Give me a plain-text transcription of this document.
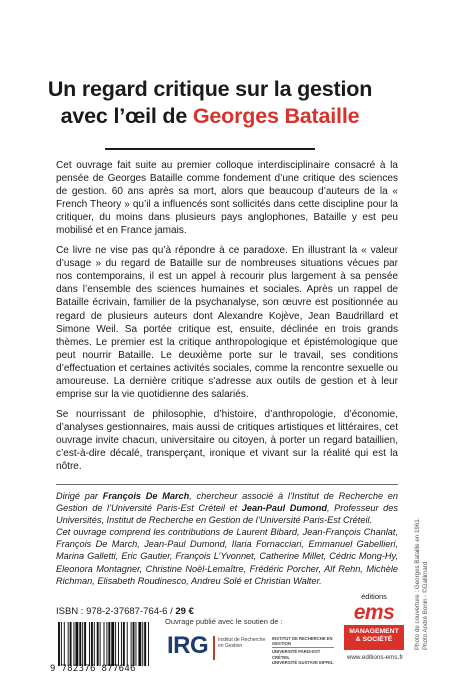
Un regard critique sur la gestion
avec l’œil de Georges Bataille

Cet ouvrage fait suite au premier colloque interdisciplinaire consacré à la pensée de Georges Bataille comme fondement d’une critique des sciences de gestion. 60 ans après sa mort, alors que beaucoup d’auteurs de la « French Theory » qu’il a influencés sont sollicités dans cette discipline pour la critiquer, du moins dans plusieurs pays anglophones, Bataille y est peu mobilisé et en France jamais.

Ce livre ne vise pas qu’à répondre à ce paradoxe. En illustrant la « valeur d’usage » du regard de Bataille sur de nombreuses situations vécues par nos contemporains, il est un appel à recourir plus largement à sa pensée dans l’ensemble des sciences humaines et sociales. Après un rappel de Bataille écrivain, familier de la psychanalyse, son œuvre est positionnée au regard de plusieurs auteurs dont Alexandre Kojève, Jean Baudrillard et Simone Weil. Sa portée critique est, ensuite, déclinée en trois grands thèmes. Le premier est la critique anthropologique et épistémologique que peut nourrir Bataille. Le deuxième porte sur le travail, ses conditions d’effectuation et certaines activités sociales, comme la rencontre sexuelle ou amoureuse. La dernière critique s’adresse aux outils de gestion et à leur emprise sur la vie quotidienne des salariés.

Se nourrissant de philosophie, d’histoire, d’anthropologie, d’économie, d’analyses gestionnaires, mais aussi de critiques artistiques et littéraires, cet ouvrage invite chacun, universitaire ou citoyen, à porter un regard bataillien, c’est-à-dire décalé, transperçant, ironique et vivant sur la réalité qui est la nôtre.

Dirigé par François De March, chercheur associé à l’Institut de Recherche en Gestion de l’Université Paris-Est Créteil et Jean-Paul Dumond, Professeur des Universités, Institut de Recherche en Gestion de l’Université Paris-Est Créteil.

Cet ouvrage comprend les contributions de Laurent Bibard, Jean-François Chanlat, François De March, Jean-Paul Dumond, Ilaria Fornacciari, Emmanuel Gabellieri, Marina Galletti, Eric Gautier, François L’Yvonnet, Catherine Millet, Cédric Mong-Hy, Eleonora Montagner, Christine Noël-Lemaître, Frédéric Porcher, Alf Rehn, Michèle Richman, Elisabeth Roudinesco, Andreu Solé et Christian Walter.

ISBN : 978-2-37687-764-6 / 29 €
9 782376 877646
Ouvrage publié avec le soutien de :
IRG Institut de Recherche en Gestion
INSTITUT DE RECHERCHE EN GESTION
UNIVERSITÉ PARIS-EST CRÉTEIL
UNIVERSITÉ GUSTAVE EIFFEL
éditions
ems
MANAGEMENT
& SOCIÉTÉ
www.editions-ems.fr
Photo de couverture : Georges Bataille en 1961. Photo André Bonin - ©Gallimard
